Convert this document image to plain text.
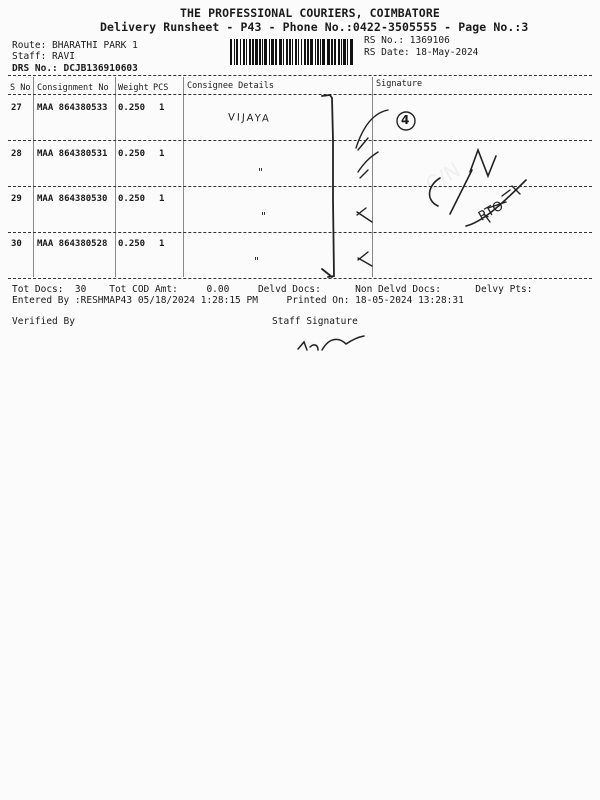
THE PROFESSIONAL COURIERS, COIMBATORE
Delivery Runsheet - P43 - Phone No.:0422-3505555 - Page No.:3
Route: BHARATHI PARK 1
Staff: RAVI
DRS No.: DCJB136910603
RS No.: 1369106
RS Date: 18-May-2024
S No Consignment No Weight PCS Consignee Details	Signature
27 MAA 864380533 0.250 1
VIJAYA
28 MAA 864380531 0.250 1
"
29 MAA 864380530 0.250 1
"
30 MAA 864380528 0.250 1
"
4
C/N
RTO
ARR
Tot Docs:  30    Tot COD Amt:     0.00     Delvd Docs:      Non Delvd Docs:      Delvy Pts:
Entered By :RESHMAP43 05/18/2024 1:28:15 PM     Printed On: 18-05-2024 13:28:31
Verified By	Staff Signature
